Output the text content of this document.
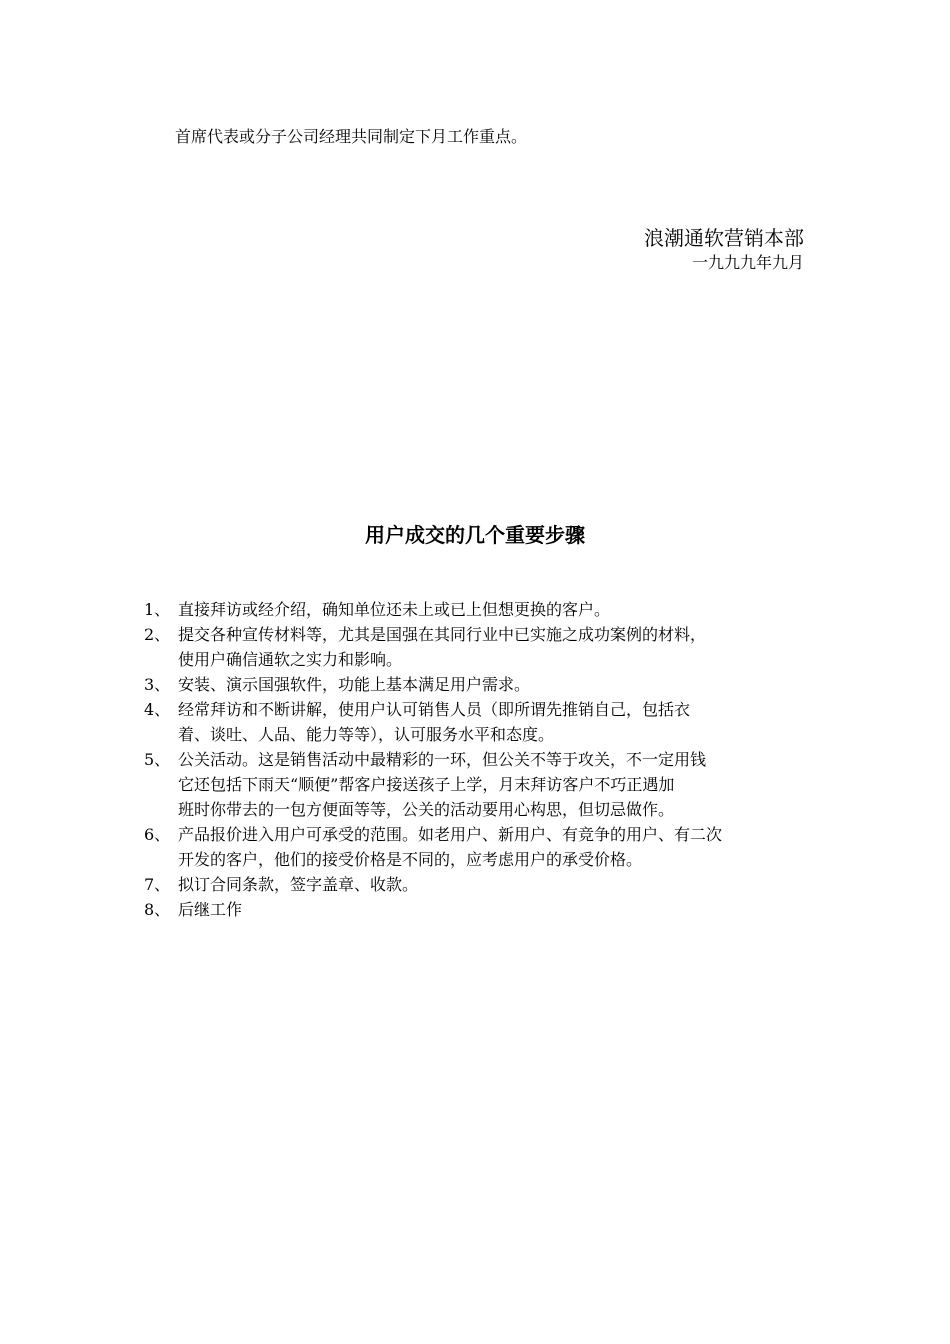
首席代表或分子公司经理共同制定下月工作重点。
浪潮通软营销本部
一九九九年九月
用户成交的几个重要步骤
1、 直接拜访或经介绍，确知单位还未上或已上但想更换的客户。
2、 提交各种宣传材料等，尤其是国强在其同行业中已实施之成功案例的材料，
使用户确信通软之实力和影响。
3、 安装、演示国强软件，功能上基本满足用户需求。
4、 经常拜访和不断讲解，使用户认可销售人员（即所谓先推销自己，包括衣
着、谈吐、人品、能力等等），认可服务水平和态度。
5、 公关活动。这是销售活动中最精彩的一环，但公关不等于攻关，不一定用钱
它还包括下雨天“顺便”帮客户接送孩子上学，月末拜访客户不巧正遇加
班时你带去的一包方便面等等，公关的活动要用心构思，但切忌做作。
6、 产品报价进入用户可承受的范围。如老用户、新用户、有竞争的用户、有二次
开发的客户，他们的接受价格是不同的，应考虑用户的承受价格。
7、 拟订合同条款，签字盖章、收款。
8、 后继工作
